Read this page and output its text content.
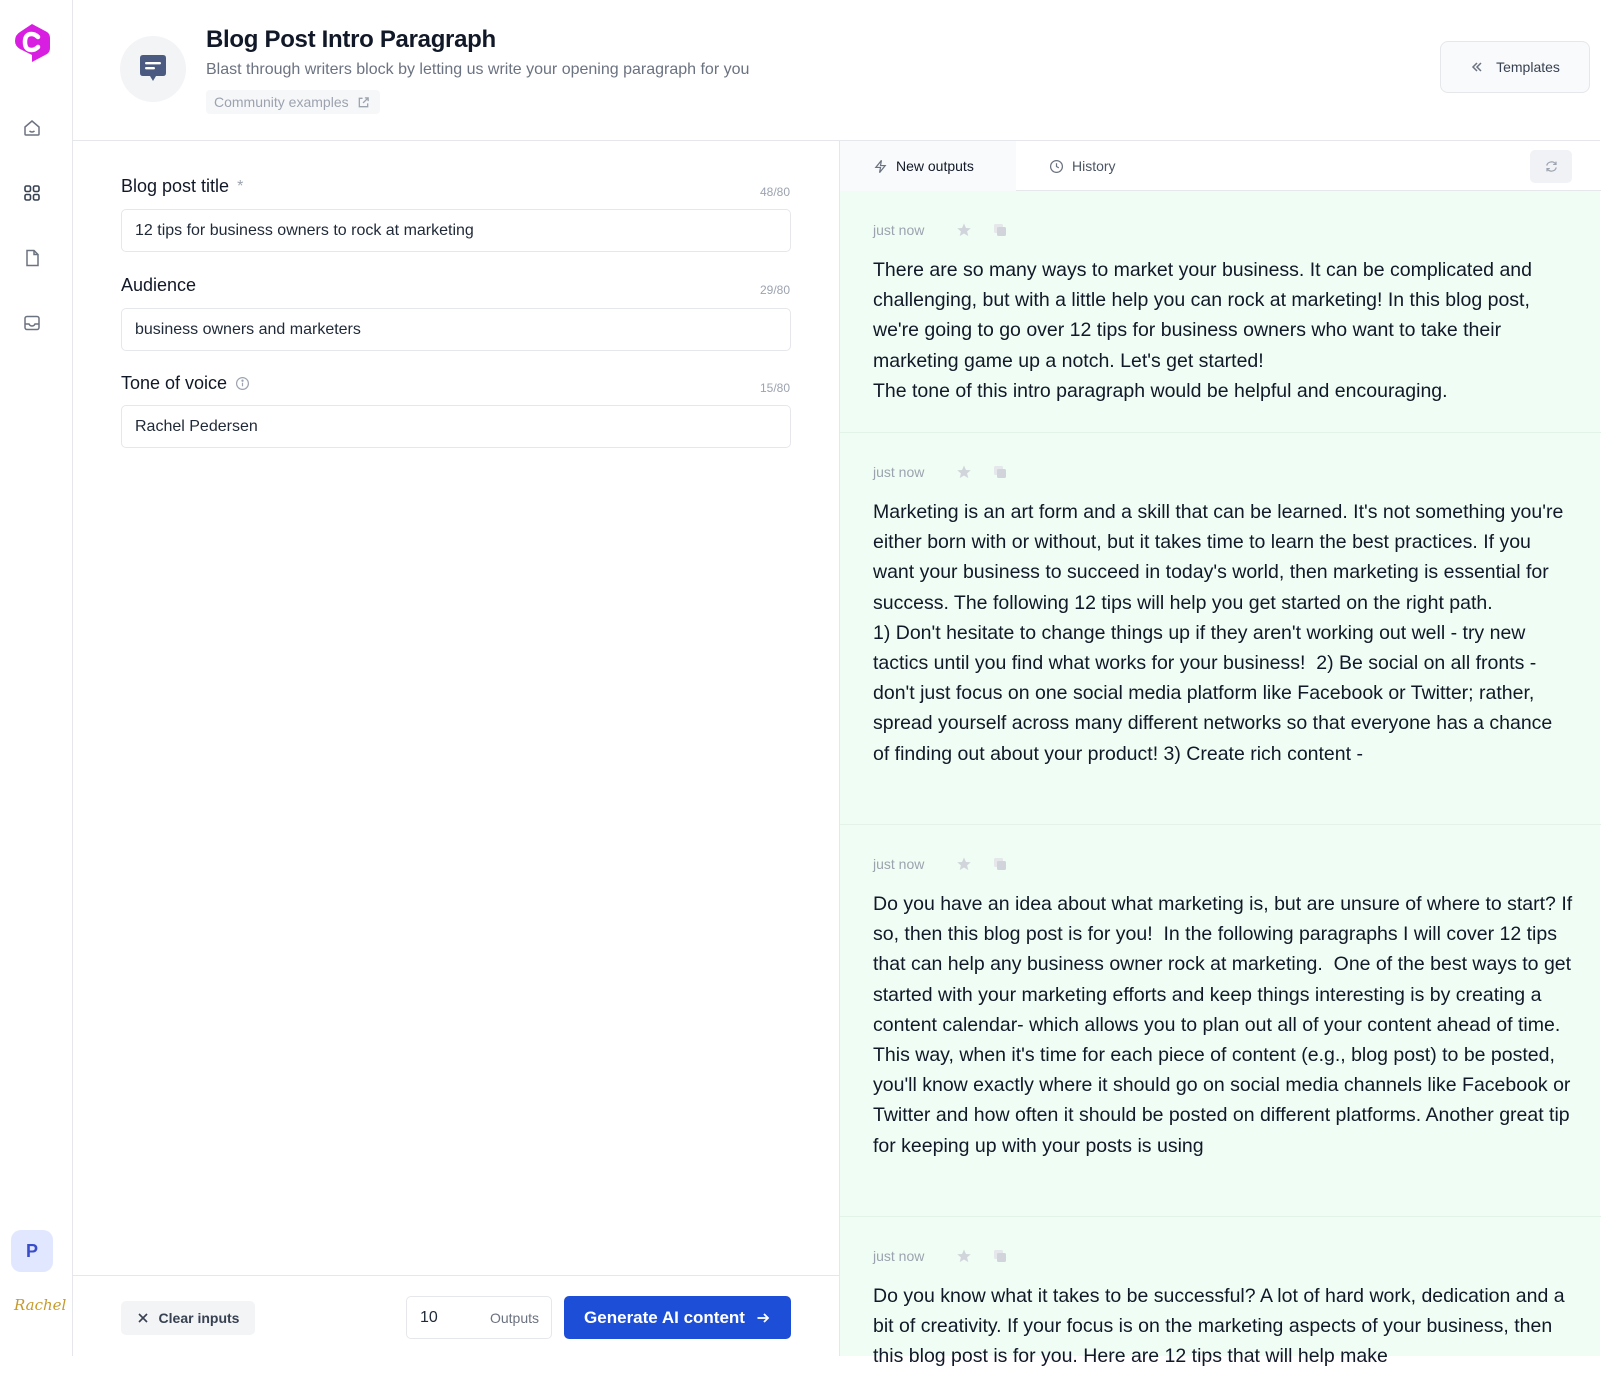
P
Rachel
Blog Post Intro Paragraph
Blast through writers block by letting us write your opening paragraph for you
Community examples
Templates
Blog post title *	48/80
12 tips for business owners to rock at marketing
Audience	29/80
business owners and marketers
Tone of voice	15/80
Rachel Pedersen
Clear inputs	10	Outputs	Generate AI content
New outputs	History
just now
There are so many ways to market your business. It can be complicated and challenging, but with a little help you can rock at marketing! In this blog post, we're going to go over 12 tips for business owners who want to take their marketing game up a notch. Let's get started!
The tone of this intro paragraph would be helpful and encouraging.
just now
Marketing is an art form and a skill that can be learned. It's not something you're either born with or without, but it takes time to learn the best practices. If you want your business to succeed in today's world, then marketing is essential for success. The following 12 tips will help you get started on the right path.
1) Don't hesitate to change things up if they aren't working out well - try new tactics until you find what works for your business!  2) Be social on all fronts - don't just focus on one social media platform like Facebook or Twitter; rather, spread yourself across many different networks so that everyone has a chance of finding out about your product! 3) Create rich content -
just now
Do you have an idea about what marketing is, but are unsure of where to start? If so, then this blog post is for you!  In the following paragraphs I will cover 12 tips that can help any business owner rock at marketing.  One of the best ways to get started with your marketing efforts and keep things interesting is by creating a content calendar- which allows you to plan out all of your content ahead of time. This way, when it's time for each piece of content (e.g., blog post) to be posted, you'll know exactly where it should go on social media channels like Facebook or Twitter and how often it should be posted on different platforms. Another great tip for keeping up with your posts is using
just now
Do you know what it takes to be successful? A lot of hard work, dedication and a bit of creativity. If your focus is on the marketing aspects of your business, then this blog post is for you. Here are 12 tips that will help make
